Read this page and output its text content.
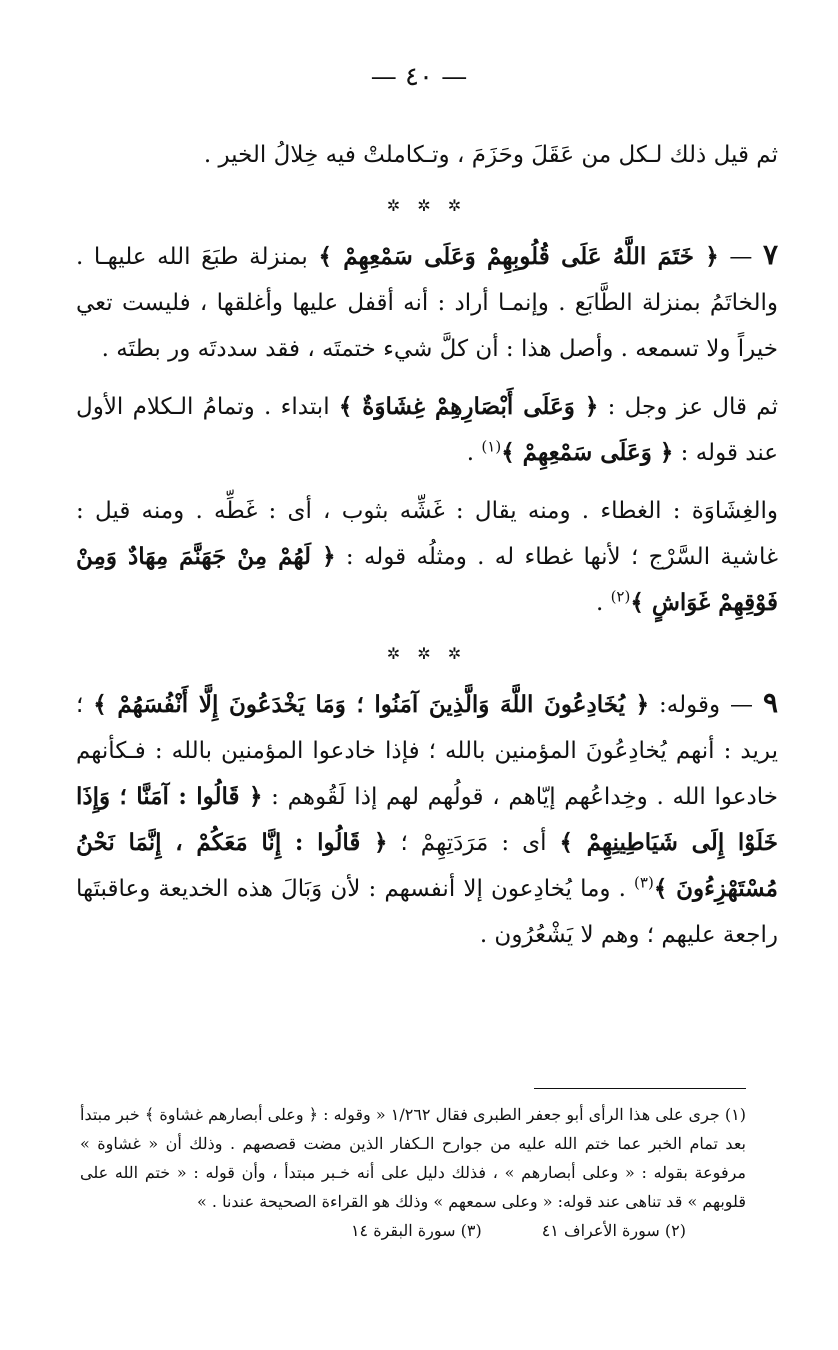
— ٤٠ —

ثم قيل ذلك لـكل من عَقَلَ وحَزَمَ ، وتـكاملتْ فيه خِلالُ الخير .

✲ ✲ ✲

٧ — ﴿ خَتَمَ اللَّهُ عَلَى قُلُوبِهِمْ وَعَلَى سَمْعِهِمْ ﴾ بمنزلة طبَعَ الله عليهـا . والخاتَمُ بمنزلة الطَّابَع . وإنمـا أراد : أنه أقفل عليها وأغلقها ، فليست تعي خيراً ولا تسمعه . وأصل هذا : أن كلَّ شيء ختمتَه ، فقد سددتَه ور بطتَه .

ثم قال عز وجل : ﴿ وَعَلَى أَبْصَارِهِمْ غِشَاوَةٌ ﴾ ابتداء . وتمامُ الـكلام الأول عند قوله : ﴿ وَعَلَى سَمْعِهِمْ ﴾$^{(١)}$ .

والغِشَاوَة : الغطاء . ومنه يقال : غَشِّه بثوب ، أى : غَطِّه . ومنه قيل : غاشية السَّرْج ؛ لأنها غطاء له . ومثلُه قوله : ﴿ لَهُمْ مِنْ جَهَنَّمَ مِهَادٌ وَمِنْ فَوْقِهِمْ غَوَاشٍ ﴾$^{(٢)}$ .

✲ ✲ ✲

٩ — وقوله: ﴿ يُخَادِعُونَ اللَّهَ وَالَّذِينَ آمَنُوا ؛ وَمَا يَخْدَعُونَ إِلَّا أَنْفُسَهُمْ ﴾ ؛ يريد : أنهم يُخادِعُونَ المؤمنين بالله ؛ فإذا خادعوا المؤمنين بالله : فـكأنهم خادعوا الله . وخِداعُهم إيّاهم ، قولُهم لهم إذا لَقُوهم : ﴿ قَالُوا : آمَنَّا ؛ وَإِذَا خَلَوْا إِلَى شَيَاطِينِهِمْ ﴾ أى : مَرَدَتِهِمْ ؛ ﴿ قَالُوا : إِنَّا مَعَكُمْ ، إِنَّمَا نَحْنُ مُسْتَهْزِءُونَ ﴾$^{(٣)}$ . وما يُخادِعون إلا أنفسهم : لأن وَبَالَ هذه الخديعة وعاقبتَها راجعة عليهم ؛ وهم لا يَشْعُرُون .

(١) جرى على هذا الرأى أبو جعفر الطبرى فقال ١/٢٦٢ « وقوله : ﴿ وعلى أبصارهم غشاوة ﴾ خبر مبتدأ بعد تمام الخبر عما ختم الله عليه من جوارح الـكفار الذين مضت قصصهم . وذلك أن « غشاوة » مرفوعة بقوله : « وعلى أبصارهم » ، فذلك دليل على أنه خـبر مبتدأ ، وأن قوله : « ختم الله على قلوبهم » قد تناهى عند قوله: « وعلى سمعهم » وذلك هو القراءة الصحيحة عندنا . »

(٢) سورة الأعراف ٤١
(٣) سورة البقرة ١٤
